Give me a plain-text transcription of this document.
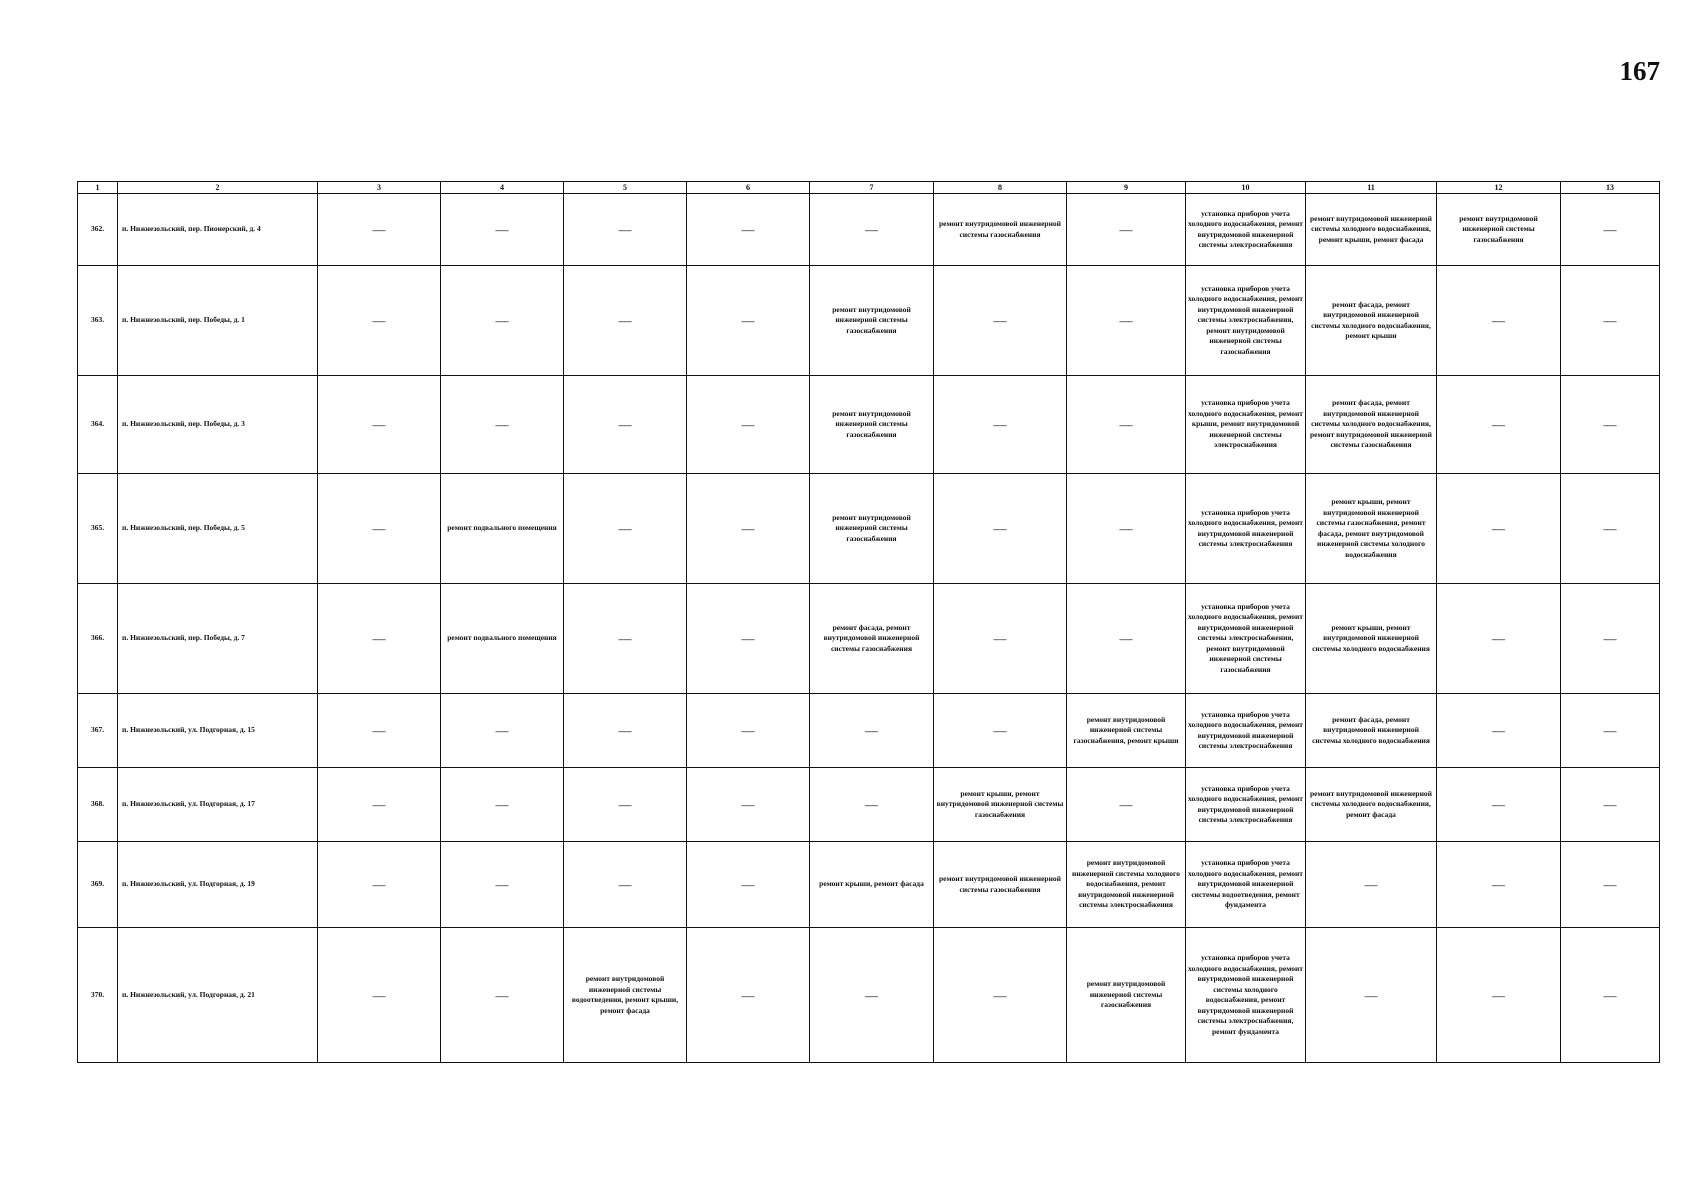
167
1	2	3	4	5	6	7	8	9	10	11	12	13
362.	п. Нижнезольский, пер. Пионерский, д. 4	—	—	—	—	—	ремонт внутридомовой инженерной системы газоснабжения	—	установка приборов учета холодного водоснабжения, ремонт внутридомовой инженерной системы электроснабжения	ремонт внутридомовой инженерной системы холодного водоснабжения, ремонт крыши, ремонт фасада	ремонт внутридомовой инженерной системы газоснабжения	—
363.	п. Нижнезольский, пер. Победы, д. 1	—	—	—	—	ремонт внутридомовой инженерной системы газоснабжения	—	—	установка приборов учета холодного водоснабжения, ремонт внутридомовой инженерной системы электроснабжения, ремонт внутридомовой инженерной системы газоснабжения	ремонт фасада, ремонт внутридомовой инженерной системы холодного водоснабжения, ремонт крыши	—	—
364.	п. Нижнезольский, пер. Победы, д. 3	—	—	—	—	ремонт внутридомовой инженерной системы газоснабжения	—	—	установка приборов учета холодного водоснабжения, ремонт крыши, ремонт внутридомовой инженерной системы электроснабжения	ремонт фасада, ремонт внутридомовой инженерной системы холодного водоснабжения, ремонт внутридомовой инженерной системы газоснабжения	—	—
365.	п. Нижнезольский, пер. Победы, д. 5	—	ремонт подвального помещения	—	—	ремонт внутридомовой инженерной системы газоснабжения	—	—	установка приборов учета холодного водоснабжения, ремонт внутридомовой инженерной системы электроснабжения	ремонт крыши, ремонт внутридомовой инженерной системы газоснабжения, ремонт фасада, ремонт внутридомовой инженерной системы холодного водоснабжения	—	—
366.	п. Нижнезольский, пер. Победы, д. 7	—	ремонт подвального помещения	—	—	ремонт фасада, ремонт внутридомовой инженерной системы газоснабжения	—	—	установка приборов учета холодного водоснабжения, ремонт внутридомовой инженерной системы электроснабжения, ремонт внутридомовой инженерной системы газоснабжения	ремонт крыши, ремонт внутридомовой инженерной системы холодного водоснабжения	—	—
367.	п. Нижнезольский, ул. Подгорная, д. 15	—	—	—	—	—	—	ремонт внутридомовой инженерной системы газоснабжения, ремонт крыши	установка приборов учета холодного водоснабжения, ремонт внутридомовой инженерной системы электроснабжения	ремонт фасада, ремонт внутридомовой инженерной системы холодного водоснабжения	—	—
368.	п. Нижнезольский, ул. Подгорная, д. 17	—	—	—	—	—	ремонт крыши, ремонт внутридомовой инженерной системы газоснабжения	—	установка приборов учета холодного водоснабжения, ремонт внутридомовой инженерной системы электроснабжения	ремонт внутридомовой инженерной системы холодного водоснабжения, ремонт фасада	—	—
369.	п. Нижнезольский, ул. Подгорная, д. 19	—	—	—	—	ремонт крыши, ремонт фасада	ремонт внутридомовой инженерной системы газоснабжения	ремонт внутридомовой инженерной системы холодного водоснабжения, ремонт внутридомовой инженерной системы электроснабжения	установка приборов учета холодного водоснабжения, ремонт внутридомовой инженерной системы водоотведения, ремонт фундамента	—	—	—
370.	п. Нижнезольский, ул. Подгорная, д. 21	—	—	ремонт внутридомовой инженерной системы водоотведения, ремонт крыши, ремонт фасада	—	—	—	ремонт внутридомовой инженерной системы газоснабжения	установка приборов учета холодного водоснабжения, ремонт внутридомовой инженерной системы холодного водоснабжения, ремонт внутридомовой инженерной системы электроснабжения, ремонт фундамента	—	—	—
